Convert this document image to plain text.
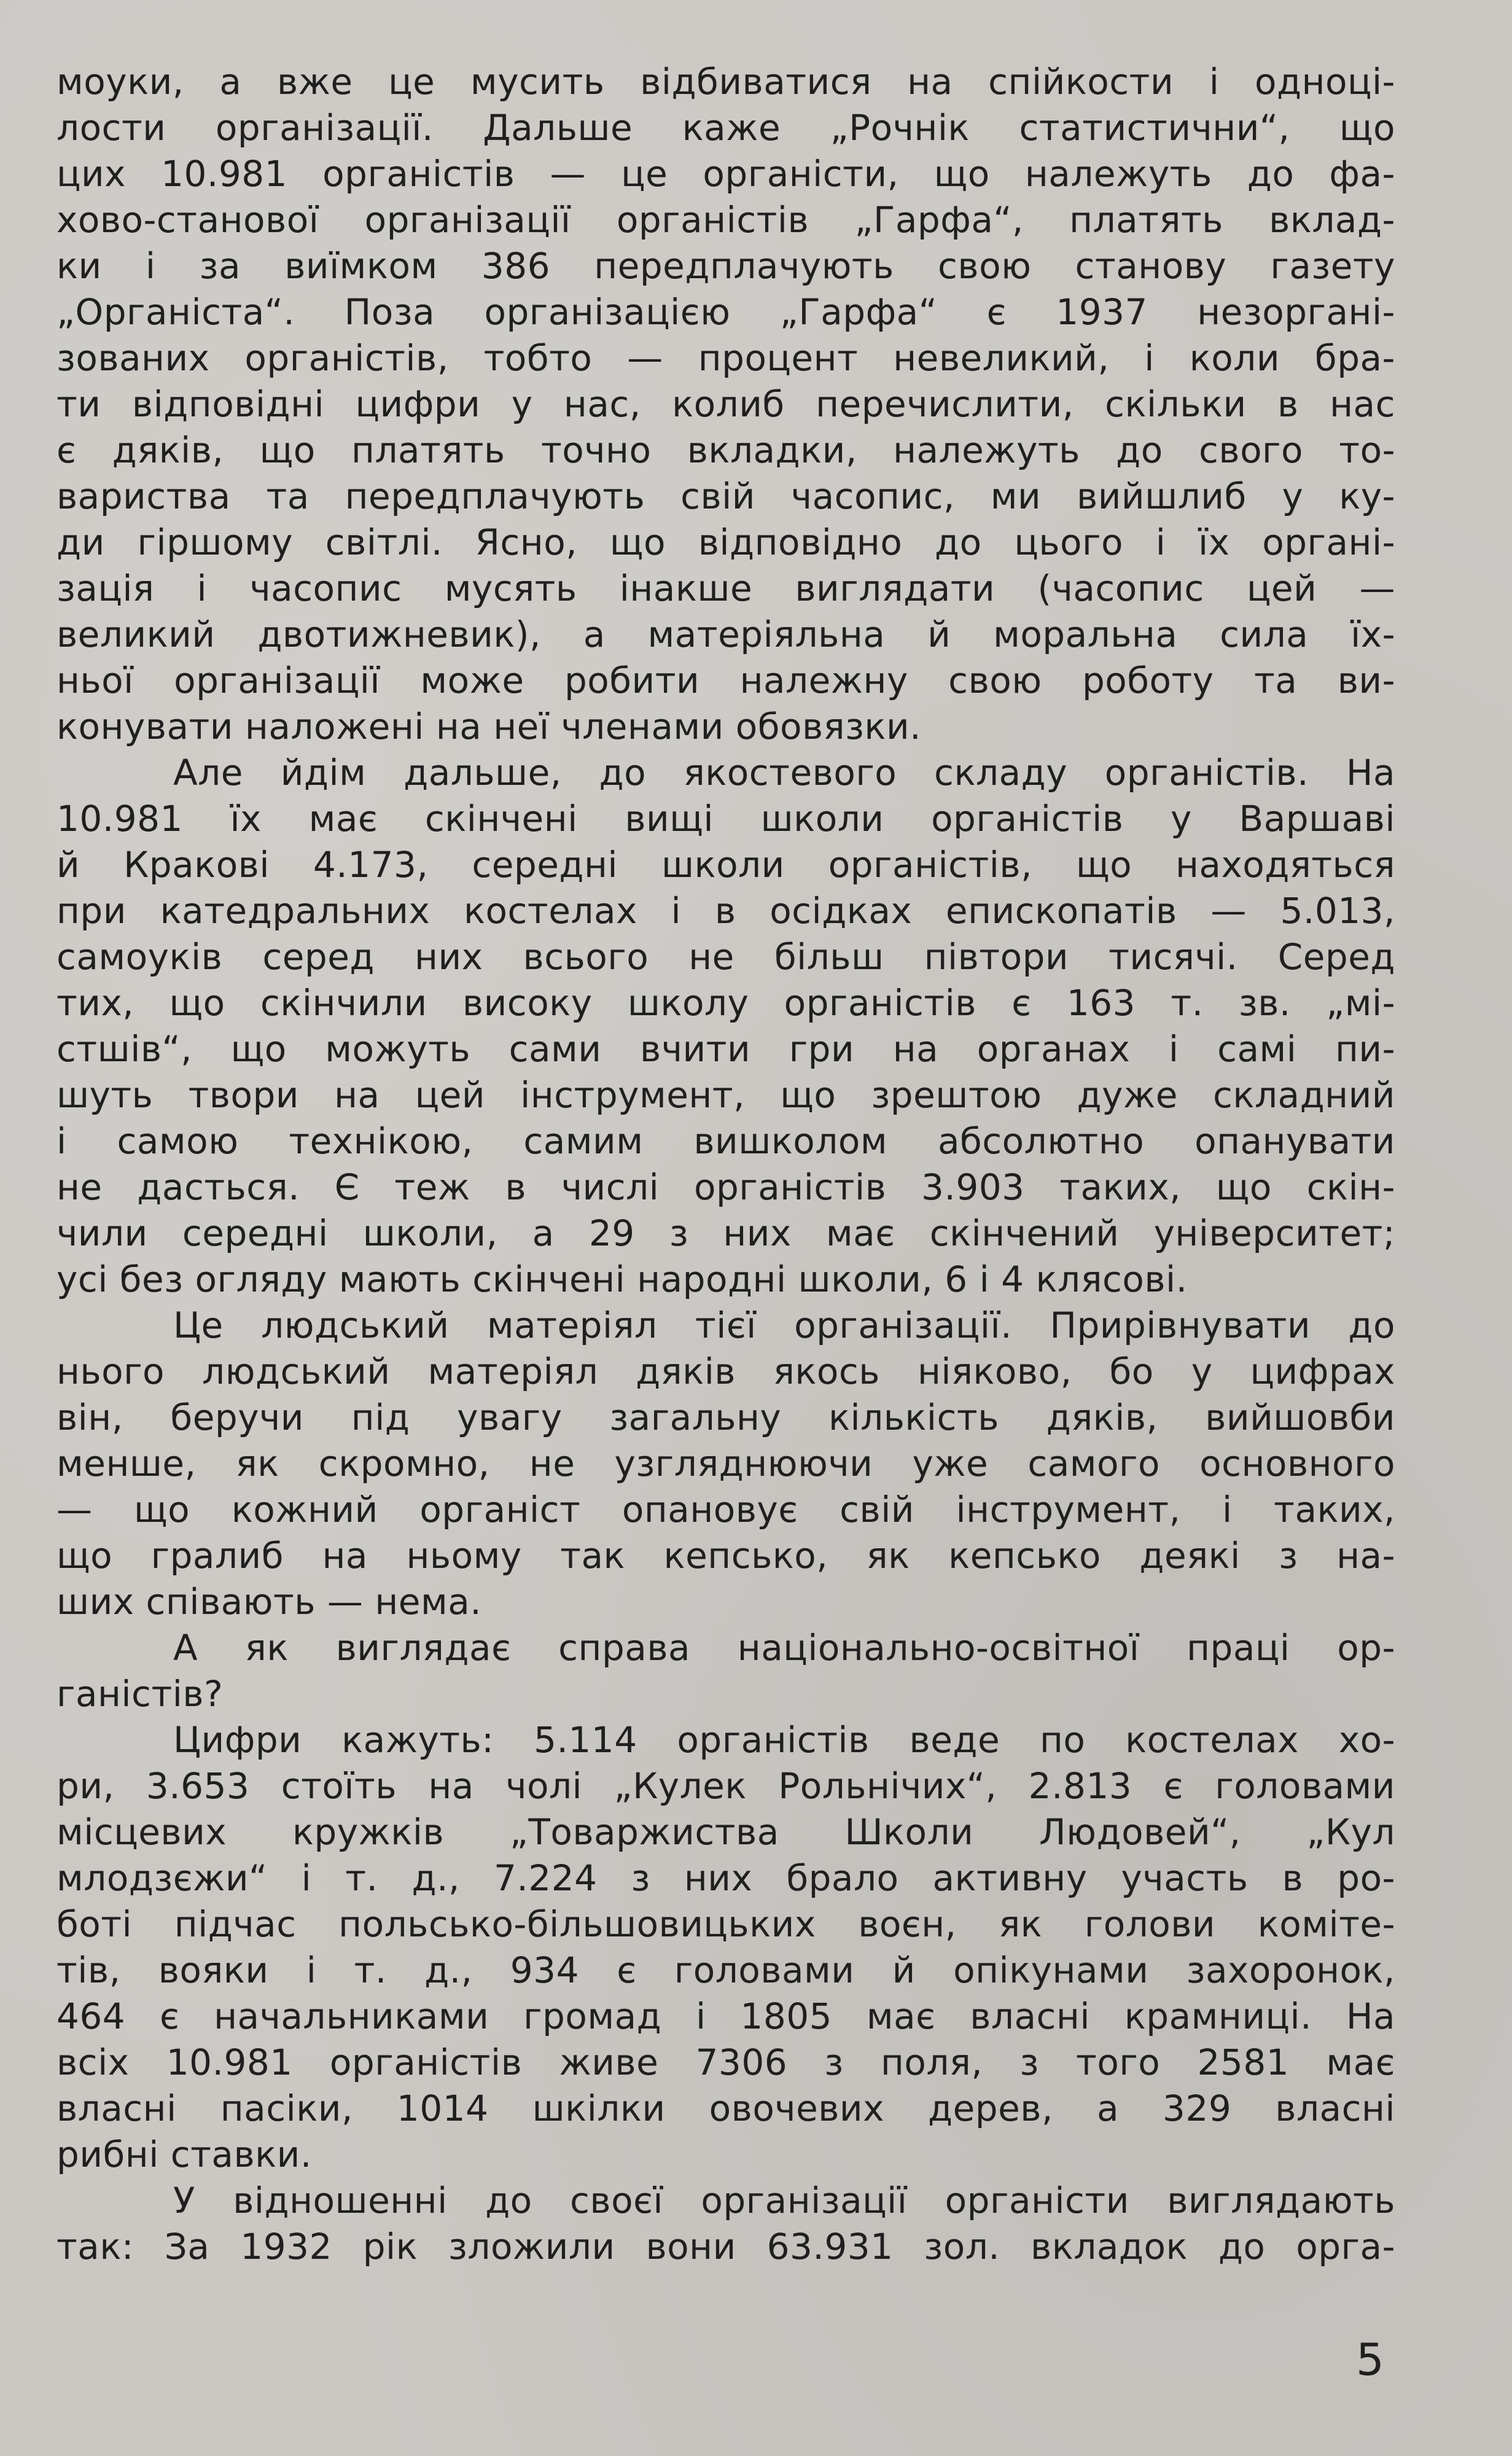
моуки, а вже це мусить відбиватися на спійкости і одноці-
лости організації. Дальше каже „Рочнік статистични“, що
цих 10.981 органістів — це органісти, що належуть до фа-
хово-станової організації органістів „Гарфа“, платять вклад-
ки і за виїмком 386 передплачують свою станову газету
„Органіста“. Поза організацією „Гарфа“ є 1937 незоргані-
зованих органістів, тобто — процент невеликий, і коли бра-
ти відповідні цифри у нас, колиб перечислити, скільки в нас
є дяків, що платять точно вкладки, належуть до свого то-
вариства та передплачують свій часопис, ми вийшлиб у ку-
ди гіршому світлі. Ясно, що відповідно до цього і їх органі-
зація і часопис мусять інакше виглядати (часопис цей —
великий двотижневик), а матеріяльна й моральна сила їх-
ньої організації може робити належну свою роботу та ви-
конувати наложені на неї членами обовязки.
Але йдім дальше, до якостевого складу органістів. На
10.981 їх має скінчені вищі школи органістів у Варшаві
й Кракові 4.173, середні школи органістів, що находяться
при катедральних костелах і в осідках епископатів — 5.013,
самоуків серед них всього не більш півтори тисячі. Серед
тих, що скінчили високу школу органістів є 163 т. зв. „мі-
стшів“, що можуть сами вчити гри на органах і самі пи-
шуть твори на цей інструмент, що зрештою дуже складний
і самою технікою, самим вишколом абсолютно опанувати
не дасться. Є теж в числі органістів 3.903 таких, що скін-
чили середні школи, а 29 з них має скінчений університет;
усі без огляду мають скінчені народні школи, 6 і 4 клясові.
Це людський матеріял тієї організації. Прирівнувати до
нього людський матеріял дяків якось ніяково, бо у цифрах
він, беручи під увагу загальну кількість дяків, вийшовби
менше, як скромно, не узгляднюючи уже самого основного
— що кожний органіст опановує свій інструмент, і таких,
що гралиб на ньому так кепсько, як кепсько деякі з на-
ших співають — нема.
А як виглядає справа національно-освітної праці ор-
ганістів?
Цифри кажуть: 5.114 органістів веде по костелах хо-
ри, 3.653 стоїть на чолі „Кулек Рольнічих“, 2.813 є головами
місцевих кружків „Товаржиства Школи Людовей“, „Кул
млодзєжи“ і т. д., 7.224 з них брало активну участь в ро-
боті підчас польсько-більшовицьких воєн, як голови коміте-
тів, вояки і т. д., 934 є головами й опікунами захоронок,
464 є начальниками громад і 1805 має власні крамниці. На
всіх 10.981 органістів живе 7306 з поля, з того 2581 має
власні пасіки, 1014 шкілки овочевих дерев, а 329 власні
рибні ставки.
У відношенні до своєї організації органісти виглядають
так: За 1932 рік зложили вони 63.931 зол. вкладок до орга-
5
